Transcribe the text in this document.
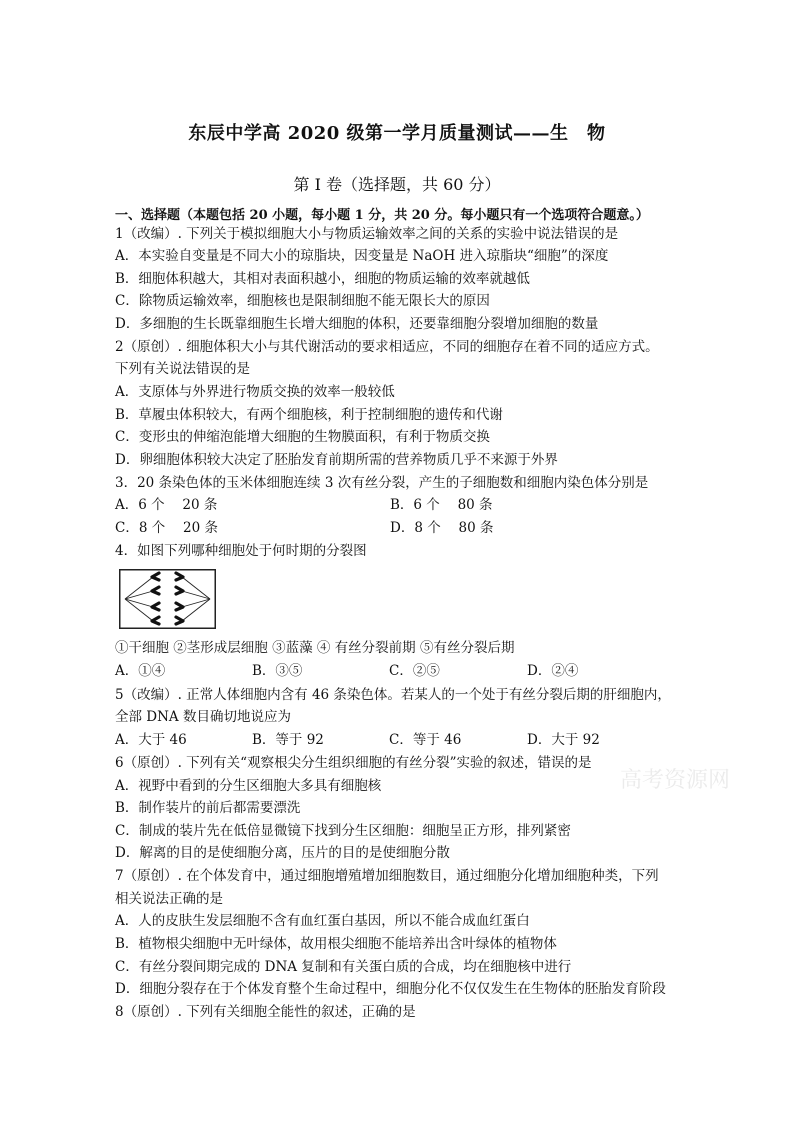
东辰中学高 2020 级第一学月质量测试——生　物
第 I 卷（选择题，共 60 分）
一、选择题（本题包括 20 小题，每小题 1 分，共 20 分。每小题只有一个选项符合题意。）
1（改编）. 下列关于模拟细胞大小与物质运输效率之间的关系的实验中说法错误的是
A．本实验自变量是不同大小的琼脂块，因变量是 NaOH 进入琼脂块“细胞”的深度
B．细胞体积越大，其相对表面积越小，细胞的物质运输的效率就越低
C．除物质运输效率，细胞核也是限制细胞不能无限长大的原因
D．多细胞的生长既靠细胞生长增大细胞的体积，还要靠细胞分裂增加细胞的数量
2（原创）. 细胞体积大小与其代谢活动的要求相适应，不同的细胞存在着不同的适应方式。
下列有关说法错误的是
A．支原体与外界进行物质交换的效率一般较低
B．草履虫体积较大，有两个细胞核，利于控制细胞的遗传和代谢
C．变形虫的伸缩泡能增大细胞的生物膜面积，有利于物质交换
D．卵细胞体积较大决定了胚胎发育前期所需的营养物质几乎不来源于外界
3．20 条染色体的玉米体细胞连续 3 次有丝分裂，产生的子细胞数和细胞内染色体分别是
A．6 个　 20 条	B．6 个　 80 条
C．8 个　 20 条	D．8 个　 80 条
4．如图下列哪种细胞处于何时期的分裂图
①干细胞 ②茎形成层细胞 ③蓝藻 ④ 有丝分裂前期 ⑤有丝分裂后期
A．①④	B．③⑤	C．②⑤	D．②④
5（改编）. 正常人体细胞内含有 46 条染色体。若某人的一个处于有丝分裂后期的肝细胞内，
全部 DNA 数目确切地说应为
A．大于 46	B．等于 92	C．等于 46	D．大于 92
6（原创）. 下列有关“观察根尖分生组织细胞的有丝分裂”实验的叙述，错误的是
高考资源网
A．视野中看到的分生区细胞大多具有细胞核
B．制作装片的前后都需要漂洗
C．制成的装片先在低倍显微镜下找到分生区细胞：细胞呈正方形，排列紧密
D．解离的目的是使细胞分离，压片的目的是使细胞分散
7（原创）. 在个体发育中，通过细胞增殖增加细胞数目，通过细胞分化增加细胞种类，下列
相关说法正确的是
A．人的皮肤生发层细胞不含有血红蛋白基因，所以不能合成血红蛋白
B．植物根尖细胞中无叶绿体，故用根尖细胞不能培养出含叶绿体的植物体
C．有丝分裂间期完成的 DNA 复制和有关蛋白质的合成，均在细胞核中进行
D．细胞分裂存在于个体发育整个生命过程中，细胞分化不仅仅发生在生物体的胚胎发育阶段
8（原创）. 下列有关细胞全能性的叙述，正确的是
